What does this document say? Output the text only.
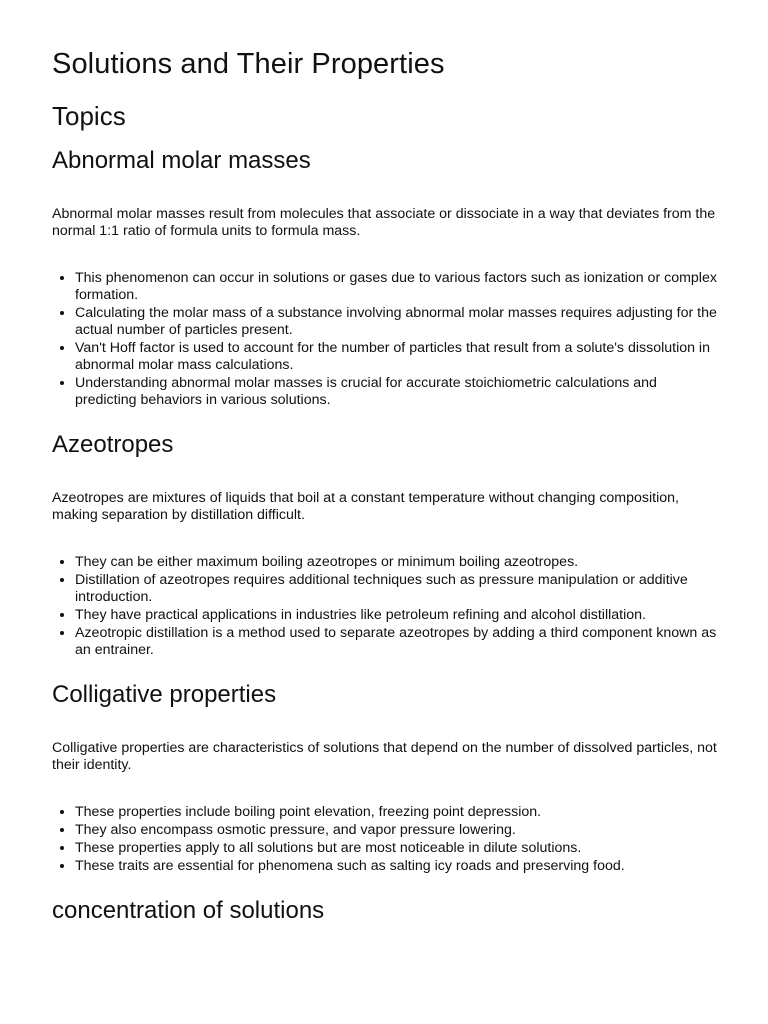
Solutions and Their Properties
Topics
Abnormal molar masses

Abnormal molar masses result from molecules that associate or dissociate in a way that deviates from the normal 1:1 ratio of formula units to formula mass.

• This phenomenon can occur in solutions or gases due to various factors such as ionization or complex formation.
• Calculating the molar mass of a substance involving abnormal molar masses requires adjusting for the actual number of particles present.
• Van't Hoff factor is used to account for the number of particles that result from a solute's dissolution in abnormal molar mass calculations.
• Understanding abnormal molar masses is crucial for accurate stoichiometric calculations and predicting behaviors in various solutions.
Azeotropes

Azeotropes are mixtures of liquids that boil at a constant temperature without changing composition, making separation by distillation difficult.

• They can be either maximum boiling azeotropes or minimum boiling azeotropes.
• Distillation of azeotropes requires additional techniques such as pressure manipulation or additive introduction.
• They have practical applications in industries like petroleum refining and alcohol distillation.
• Azeotropic distillation is a method used to separate azeotropes by adding a third component known as an entrainer.
Colligative properties

Colligative properties are characteristics of solutions that depend on the number of dissolved particles, not their identity.

• These properties include boiling point elevation, freezing point depression.
• They also encompass osmotic pressure, and vapor pressure lowering.
• These properties apply to all solutions but are most noticeable in dilute solutions.
• These traits are essential for phenomena such as salting icy roads and preserving food.
concentration of solutions
